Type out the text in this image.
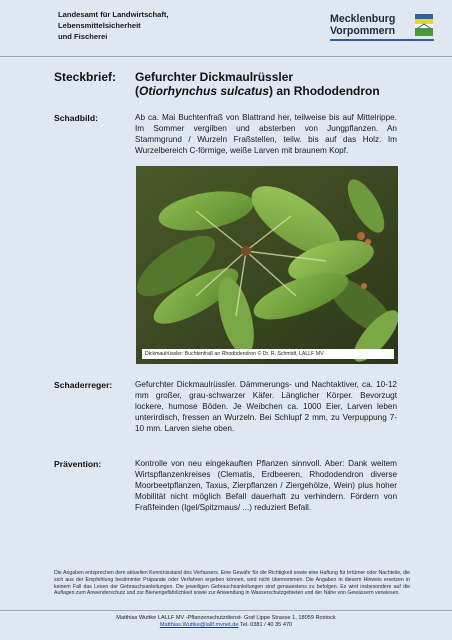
Landesamt für Landwirtschaft,
Lebensmittelsicherheit
und Fischerei
Mecklenburg
Vorpommern
Steckbrief: Gefurchter Dickmaulrüssler
(Otiorhynchus sulcatus) an Rhododendron
Schadbild:	Ab ca. Mai Buchtenfraß von Blattrand her, teilweise bis auf Mittelrippe. Im Sommer vergilben und absterben von Jungpflanzen. An Stammgrund / Wurzeln Fraßstellen, teilw. bis auf das Holz. Im Wurzelbereich C-förmige, weiße Larven mit braunem Kopf.
Dickmaulrüssler: Buchtenfraß an Rhododendron © Dr. R. Schmidt, LALLF MV
Schaderreger:	Gefurchter Dickmaulrüssler. Dämmerungs- und Nachtaktiver, ca. 10-12 mm großer, grau-schwarzer Käfer. Länglicher Körper. Bevorzugt lockere, humose Böden. Je Weibchen ca. 1000 Eier, Larven leben unterirdisch, fressen an Wurzeln. Bei Schlupf 2 mm, zu Verpuppung 7-10 mm. Larven siehe oben.
Prävention:	Kontrolle von neu eingekauften Pflanzen sinnvoll. Aber: Dank weitem Wirtspflanzenkreises (Clematis, Erdbeeren, Rhododendron diverse Moorbeetpflanzen, Taxus, Zierpflanzen / Ziergehölze, Wein) plus hoher Mobilität nicht möglich Befall dauerhaft zu verhindern. Fördern von Fraßfeinden (Igel/Spitzmaus/ ...) reduziert Befall.
Die Angaben entsprechen dem aktuellen Kenntnisstand des Verfassers. Eine Gewähr für die Richtigkeit sowie eine Haftung für Irrtümer oder Nachteile, die sich aus der Empfehlung bestimmter Präparate oder Verfahren ergeben können, wird nicht übernommen. Die Angaben in diesem Hinweis ersetzen in keinem Fall das Lesen der Gebrauchsanleitungen. Die jeweiligen Gebrauchsanleitungen sind genauestens zu befolgen. Es wird insbesondere auf die Auflagen zum Anwenderschutz und zur Bienengefährlichkeit sowie zur Anwendung in Wasserschutzgebieten und der Nähe von Gewässern verwiesen.
Matthias Wuttke LALLF MV -Pflanzenschutzdienst- Graf Lippe Strasse 1, 18059 Rostock
Matthias.Wuttke@lallf.mvnet.de Tel. 0381 / 40 35 470
